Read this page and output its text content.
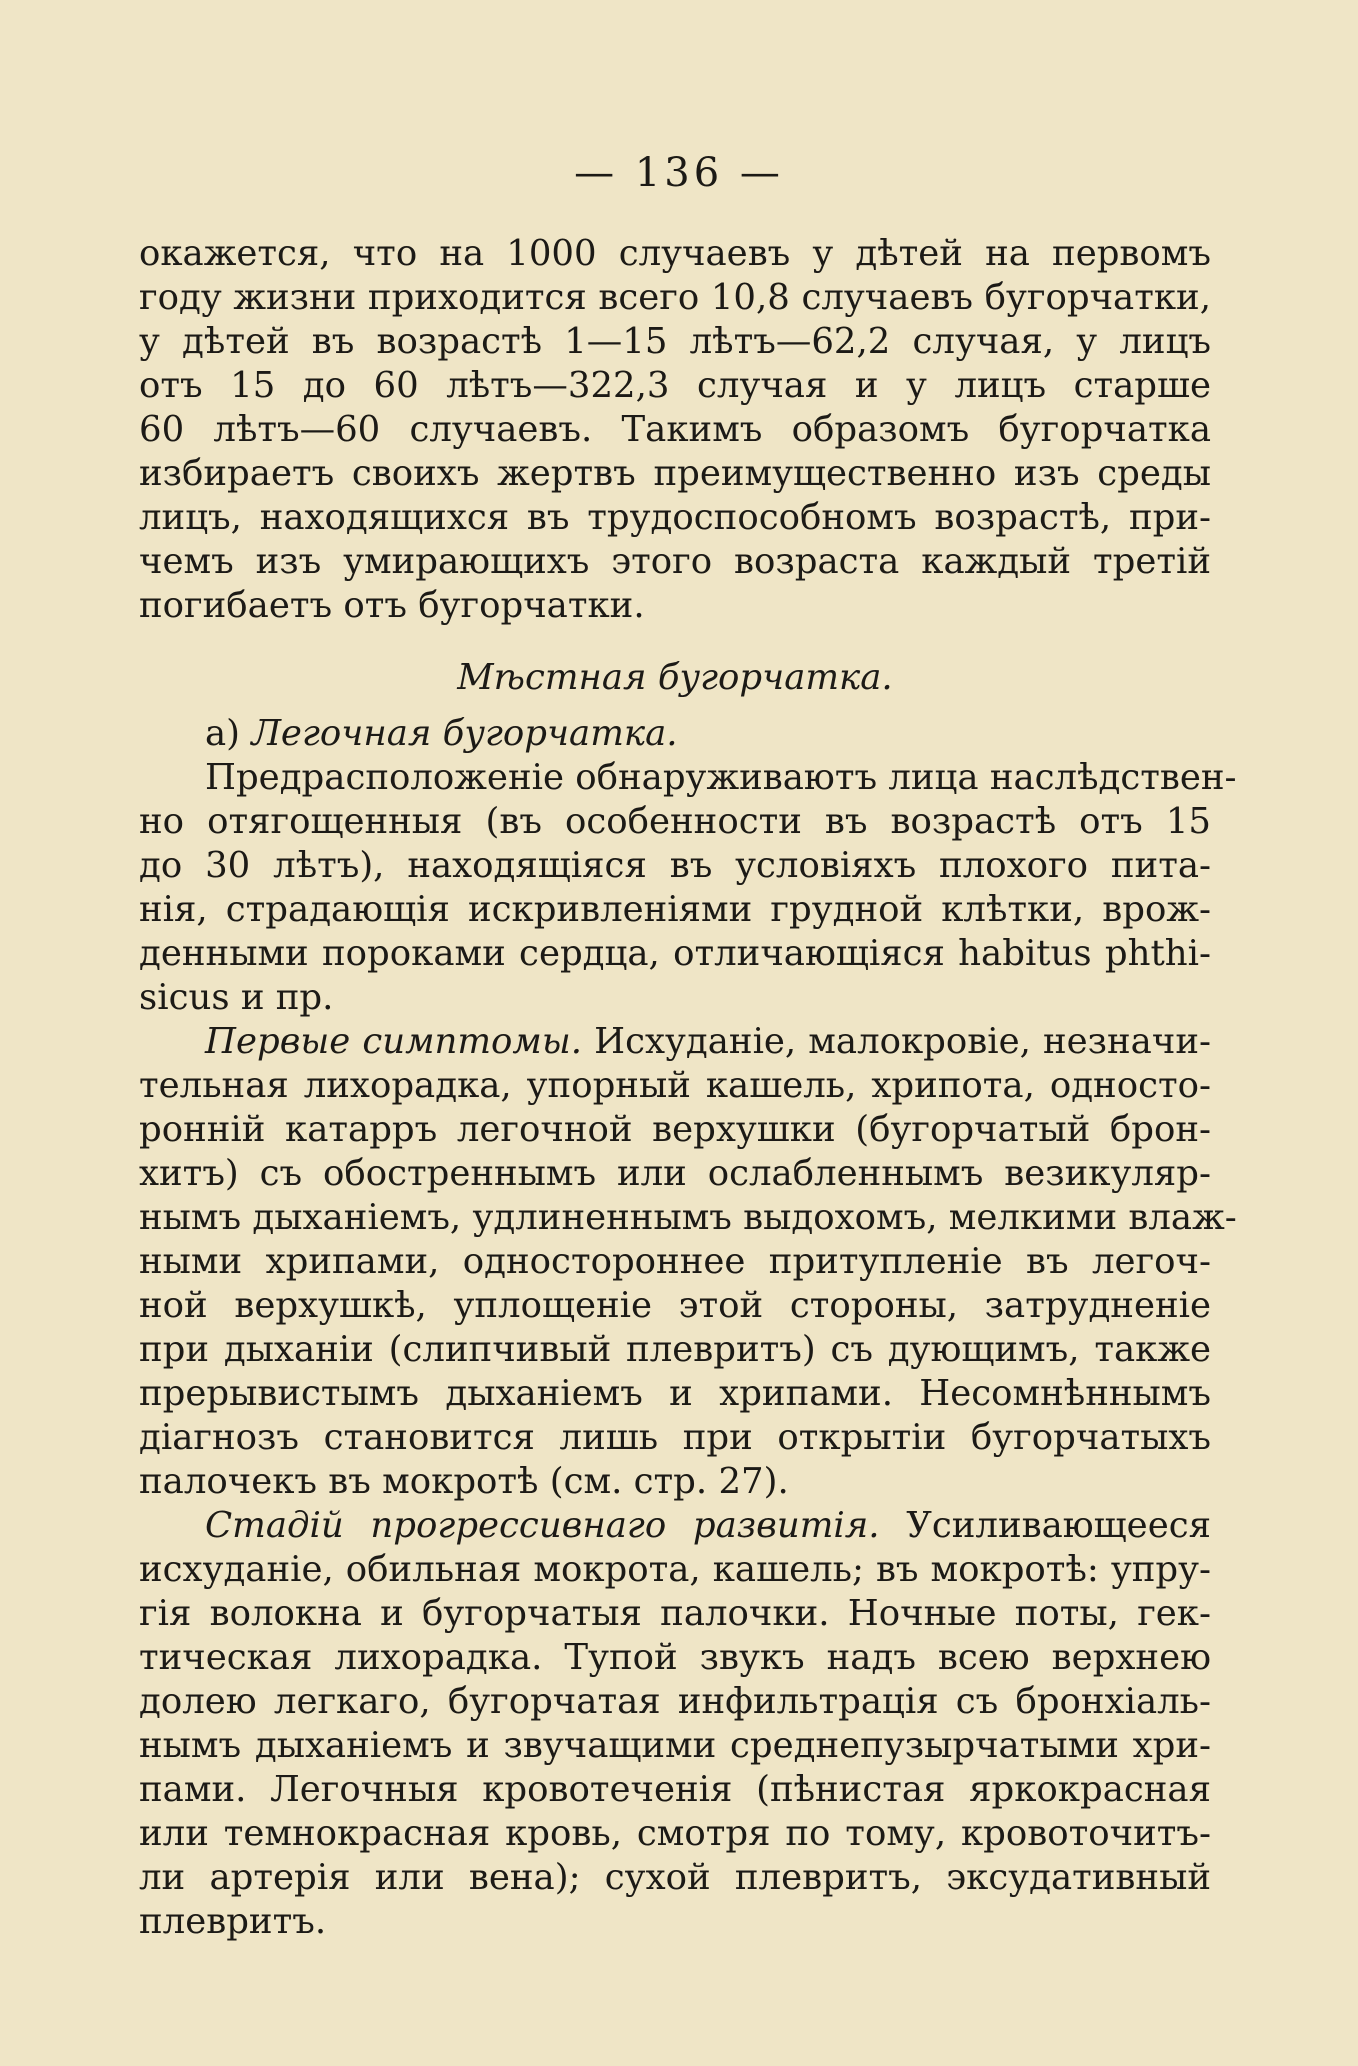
— 136 —
окажется, что на 1000 случаевъ у дѣтей на первомъ
году жизни приходится всего 10,8 случаевъ бугорчатки,
у дѣтей въ возрастѣ 1—15 лѣтъ—62,2 случая, у лицъ
отъ 15 до 60 лѣтъ—322,3 случая и у лицъ старше
60 лѣтъ—60 случаевъ. Такимъ образомъ бугорчатка
избираетъ своихъ жертвъ преимущественно изъ среды
лицъ, находящихся въ трудоспособномъ возрастѣ, при-
чемъ изъ умирающихъ этого возраста каждый третій
погибаетъ отъ бугорчатки.
Мѣстная бугорчатка.
а) Легочная бугорчатка.
Предрасположеніе обнаруживаютъ лица наслѣдствен-
но отягощенныя (въ особенности въ возрастѣ отъ 15
до 30 лѣтъ), находящіяся въ условіяхъ плохого пита-
нія, страдающія искривленіями грудной клѣтки, врож-
денными пороками сердца, отличающіяся habitus phthi-
sicus и пр.
Первые симптомы. Исхуданіе, малокровіе, незначи-
тельная лихорадка, упорный кашель, хрипота, односто-
ронній катарръ легочной верхушки (бугорчатый брон-
хитъ) съ обостреннымъ или ослабленнымъ везикуляр-
нымъ дыханіемъ, удлиненнымъ выдохомъ, мелкими влаж-
ными хрипами, одностороннее притупленіе въ легоч-
ной верхушкѣ, уплощеніе этой стороны, затрудненіе
при дыханіи (слипчивый плевритъ) съ дующимъ, также
прерывистымъ дыханіемъ и хрипами. Несомнѣннымъ
діагнозъ становится лишь при открытіи бугорчатыхъ
палочекъ въ мокротѣ (см. стр. 27).
Стадій прогрессивнаго развитія. Усиливающееся
исхуданіе, обильная мокрота, кашель; въ мокротѣ: упру-
гія волокна и бугорчатыя палочки. Ночные поты, гек-
тическая лихорадка. Тупой звукъ надъ всею верхнею
долею легкаго, бугорчатая инфильтрація съ бронхіаль-
нымъ дыханіемъ и звучащими среднепузырчатыми хри-
пами. Легочныя кровотеченія (пѣнистая яркокрасная
или темнокрасная кровь, смотря по тому, кровоточитъ-
ли артерія или вена); сухой плевритъ, эксудативный
плевритъ.
